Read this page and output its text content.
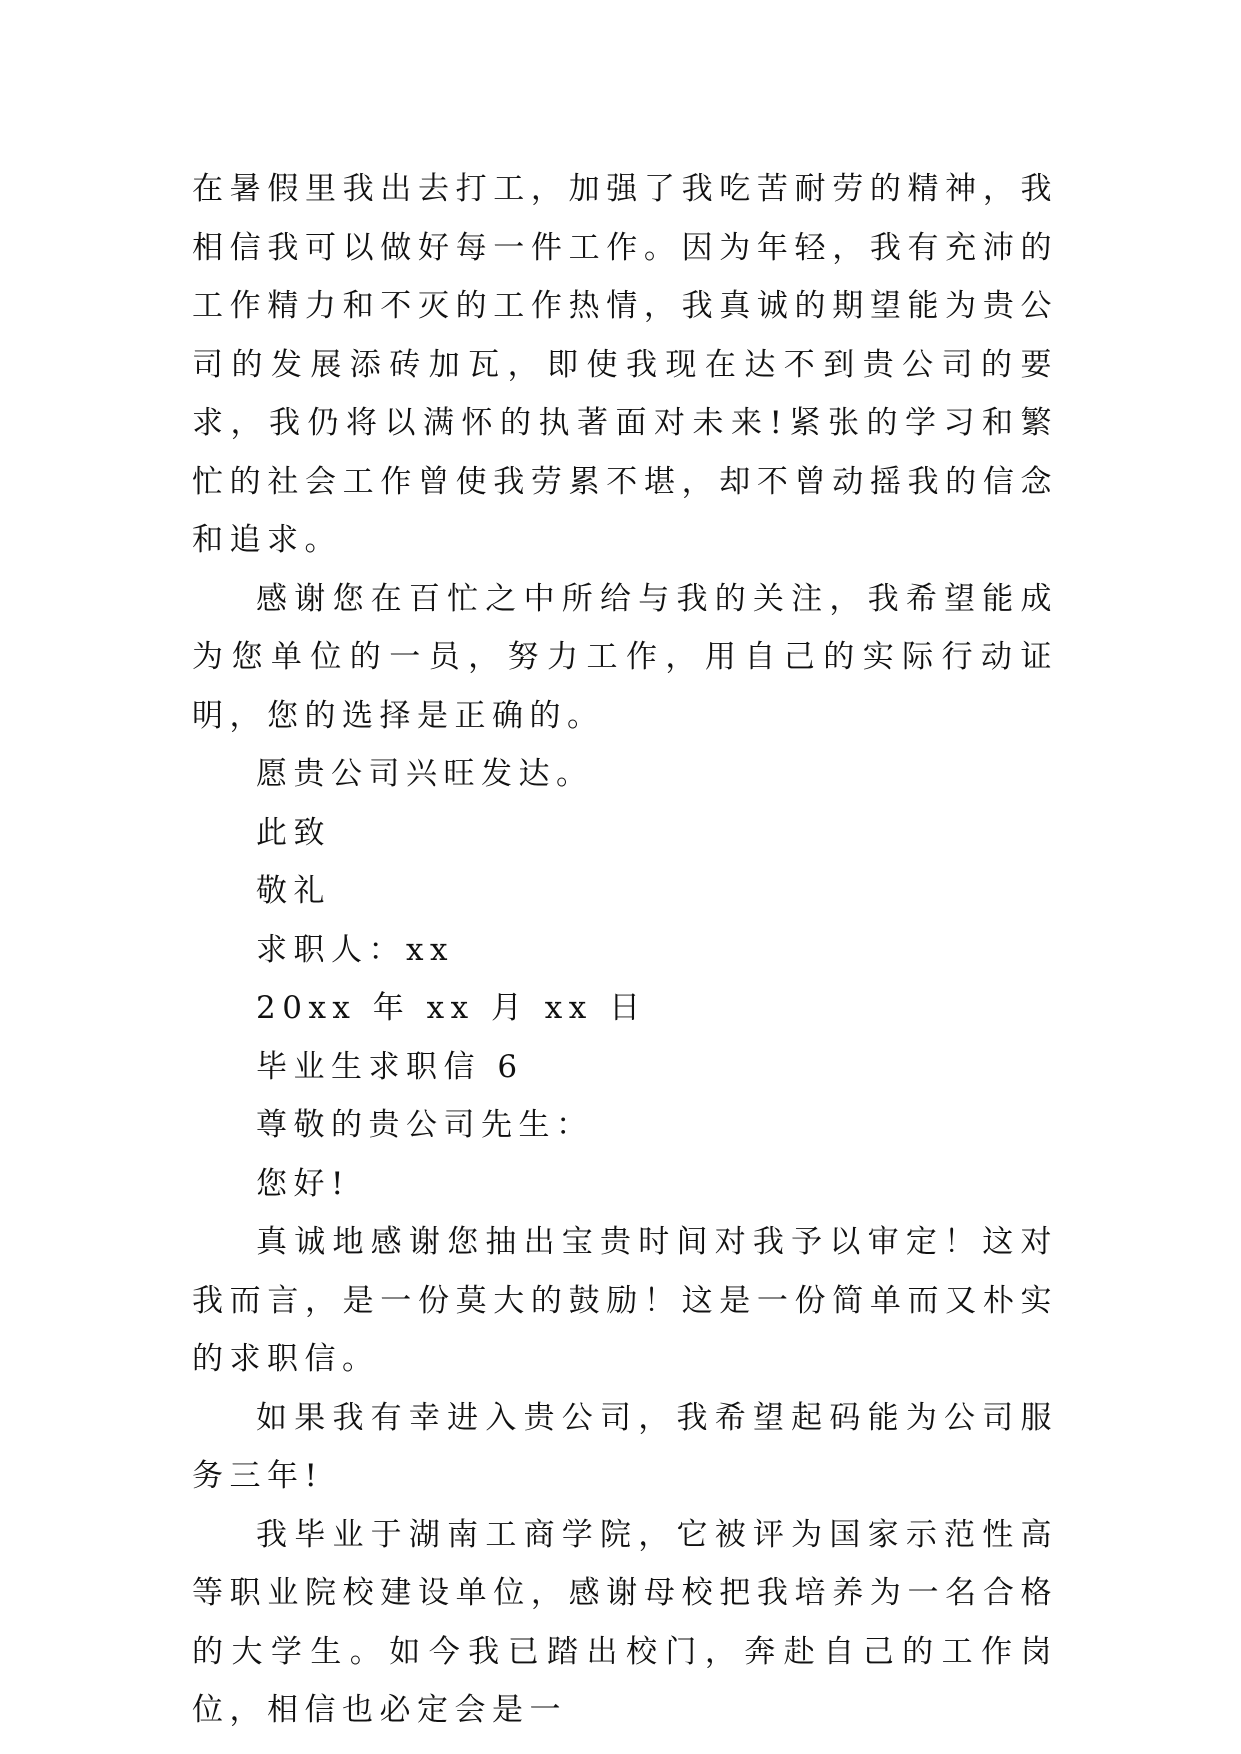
在暑假里我出去打工，加强了我吃苦耐劳的精神，我相信我可以做好每一件工作。因为年轻，我有充沛的工作精力和不灭的工作热情，我真诚的期望能为贵公司的发展添砖加瓦，即使我现在达不到贵公司的要求，我仍将以满怀的执著面对未来!紧张的学习和繁忙的社会工作曾使我劳累不堪，却不曾动摇我的信念和追求。

感谢您在百忙之中所给与我的关注，我希望能成为您单位的一员，努力工作，用自己的实际行动证明，您的选择是正确的。

愿贵公司兴旺发达。

此致

敬礼

求职人：xx

20xx 年 xx 月 xx 日

毕业生求职信 6

尊敬的贵公司先生：

您好!

真诚地感谢您抽出宝贵时间对我予以审定！这对我而言，是一份莫大的鼓励！这是一份简单而又朴实的求职信。

如果我有幸进入贵公司，我希望起码能为公司服务三年!

我毕业于湖南工商学院，它被评为国家示范性高等职业院校建设单位，感谢母校把我培养为一名合格的大学生。如今我已踏出校门，奔赴自己的工作岗位，相信也必定会是一
